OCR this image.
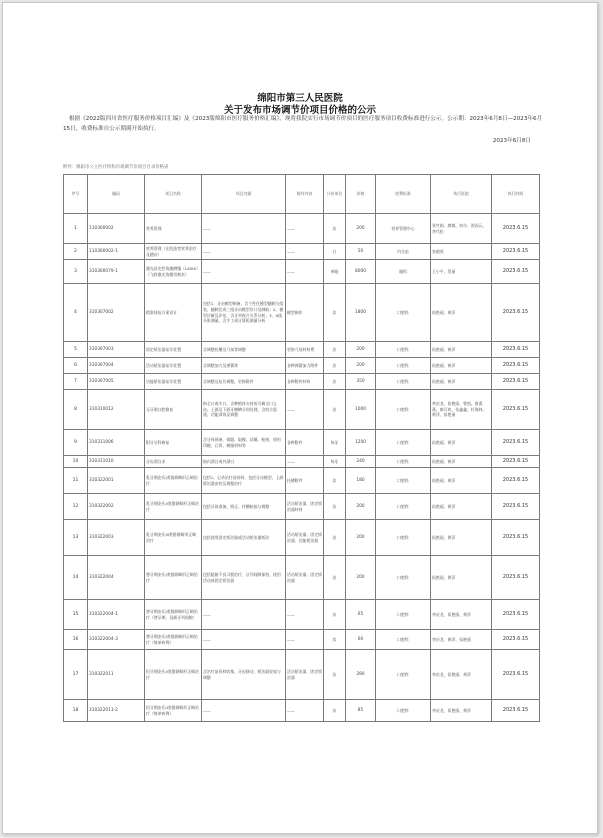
绵阳市第三人民医院
关于发布市场调节价项目价格的公示
根据《2022版四川省医疗服务价格项目汇编》及《2023版绵阳市医疗服务价格汇编》，现将我院实行市场调节价项目的医疗服务项目收费标准进行公示。公示期：2023年6月8日—2023年6月15日，收费标准自公示期满开始执行。
2023年6月8日
附件：绵阳市公立医疗机构市场调节价项目目录价格表
序号	编码	项目名称	项目内涵	除外内容	计价单位	价格	收费标准	执行医院	执行时间
1	110300002	营养管理	——	——	次	200	营养管理中心	张竹娟、廖敏、何尔、祝国元、李代松	2023.6.15
2	110300002-1	营养管理（在院患者营养治疗及随访）	——	——	日	50	内分泌	张晓茂	2023.6.15
3	310300079-1	激光屈光性角膜磨镶（LASIK）（飞秒激光角膜切割术）	——	——	单眼	8000	眼科	王小平、蔡丽	2023.6.15
4	310307002	精准体检方案设计	包括1、牙齿模型制备，含个性化模型翻制与组装，翻制完成三组牙齿模型设计及制取；2、模型诊断及评估，含牙列咬合关系分析；3、X线头影测量，含手工或计算机测量分析	模型制作	次	1800	口腔科	侯艳丽、黄萍	2023.6.15
5	310307003	固定矫治器复诊处置	含调整托槽及弓丝等调整	更换弓丝材料费	次	200	口腔科	侯艳丽、黄萍	2023.6.15
6	310307004	活动矫治器复诊处置	含调整加力及弹簧等	各种弹簧加力附件	次	200	口腔科	侯艳丽、黄萍	2023.6.15
7	310307005	功能矫治器复诊处置	含调整及复位调整，更换附件	各种附件材料	次	350	口腔科	侯艳丽、黄萍	2023.6.15
8	310310012	无牙颌口腔修复	指全口或半口，含种植体支持的可摘全口义齿，上颌及下颌牙槽嵴分别处理，含咬合重建、功能训练及调整	——	次	1000	口腔科	李庆龙、侯艳丽、曾凯、唐燕燕、廖可欢、张鑫鑫、杜海林、黄萍、侯艳丽	2023.6.15
9	310311006	附牙牙科修复	含牙体预备、排龈、取模、试戴、粘接，使用印模、石膏、树脂材料等	各种附件	每牙	1200	口腔科	侯艳丽、黄萍	2023.6.15
10	310311010	牙齿漂白术	指内漂白或外漂白	——	每牙	240	口腔科	侯艳丽、黄萍	2023.6.15
11	310322001	乳牙期安氏I类错颌畸形正畸治疗	包括1、记录治疗前资料，包括牙齿模型、上颌矫治器安装及调整治疗	托槽附件	次	180	口腔科	侯艳丽、黄萍	2023.6.15
12	310322002	乳牙期安氏II类错颌畸形正畸治疗	包括牙体准备，矫正、托槽粘接与调整	活动矫治器、固定矫治器材料	次	200	口腔科	侯艳丽、黄萍	2023.6.15
13	310322003	乳牙期安氏III类错颌畸形正畸治疗	包括使用固定矫治器或活动矫治器矫治	活动矫治器、固定矫治器、功能矫治器	次	200	口腔科	侯艳丽、黄萍	2023.6.15
14	310322004	替牙期安氏I类错颌畸形正畸治疗	包括阻断不良习惯治疗，牙列间隙保持，使用活动或固定矫治器	活动矫治器、固定矫治器	次	200	口腔科	侯艳丽、黄萍	2023.6.15
15	310322004-1	替牙期安氏I类错颌畸形正畸治疗（替牙期、双颌牙列间隙）	——	——	次	65	口腔科	李庆龙、侯艳丽、黄萍	2023.6.15
16	310322004-3	替牙期安氏I类错颌畸形正畸治疗（简单病例）	——	——	次	60	口腔科	李庆龙、黄萍、侯艳丽	2023.6.15
17	310322011	恒牙期安氏II类错颌畸形正畸治疗	含治疗前资料收集、牙齿移动、矫治器安放与调整	活动矫治器、固定矫治器	次	280	口腔科	李庆龙、侯艳丽、黄萍	2023.6.15
18	310322011-2	恒牙期安氏II类错颌畸形正畸治疗（简单病例）	——	——	次	85	口腔科	李庆龙、侯艳丽、黄萍	2023.6.15
